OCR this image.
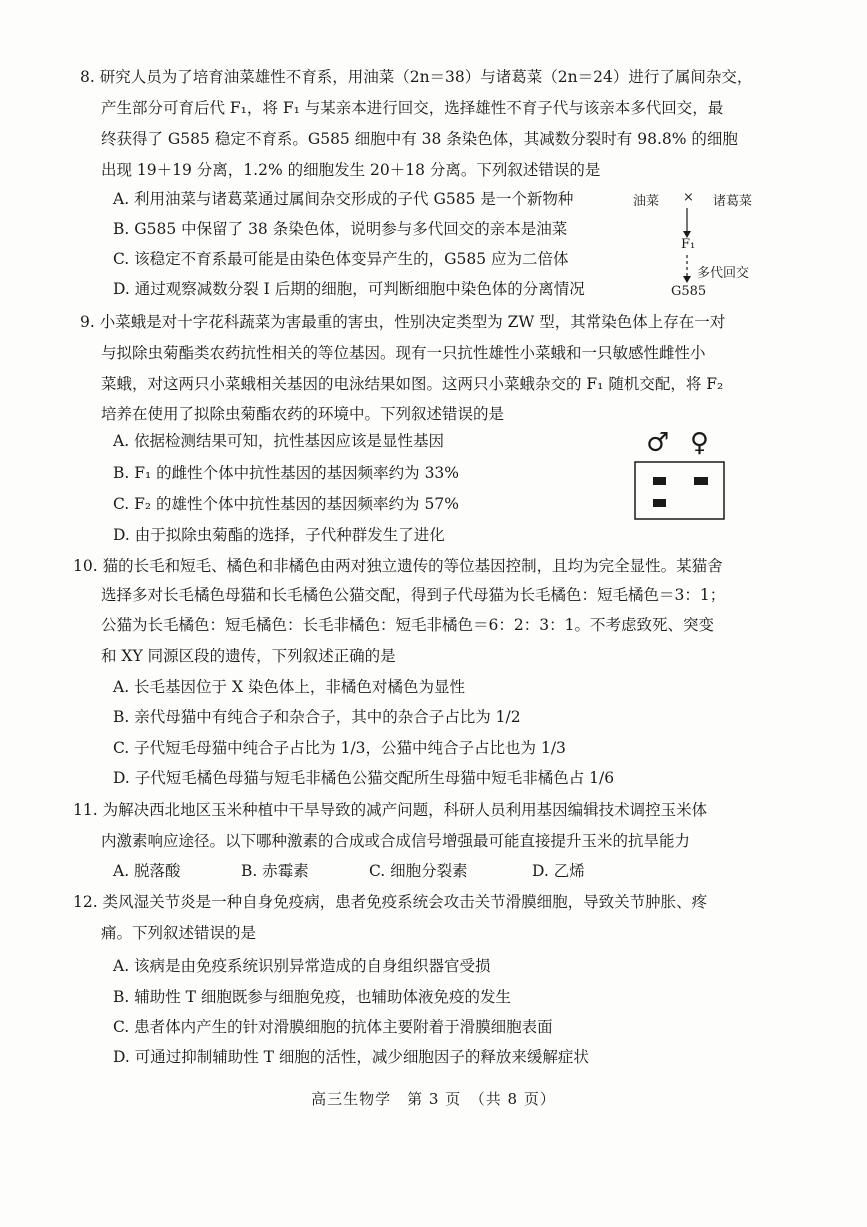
8. 研究人员为了培育油菜雄性不育系，用油菜（2n＝38）与诸葛菜（2n＝24）进行了属间杂交，
产生部分可育后代 F₁，将 F₁ 与某亲本进行回交，选择雄性不育子代与该亲本多代回交，最
终获得了 G585 稳定不育系。G585 细胞中有 38 条染色体，其减数分裂时有 98.8% 的细胞
出现 19＋19 分离，1.2% 的细胞发生 20＋18 分离。下列叙述错误的是
A. 利用油菜与诸葛菜通过属间杂交形成的子代 G585 是一个新物种
B. G585 中保留了 38 条染色体，说明参与多代回交的亲本是油菜
C. 该稳定不育系最可能是由染色体变异产生的，G585 应为二倍体
D. 通过观察减数分裂 Ⅰ 后期的细胞，可判断细胞中染色体的分离情况
油菜 × 诸葛菜
F₁
多代回交
G585
9. 小菜蛾是对十字花科蔬菜为害最重的害虫，性别决定类型为 ZW 型，其常染色体上存在一对
与拟除虫菊酯类农药抗性相关的等位基因。现有一只抗性雄性小菜蛾和一只敏感性雌性小
菜蛾，对这两只小菜蛾相关基因的电泳结果如图。这两只小菜蛾杂交的 F₁ 随机交配，将 F₂
培养在使用了拟除虫菊酯农药的环境中。下列叙述错误的是
A. 依据检测结果可知，抗性基因应该是显性基因
B. F₁ 的雌性个体中抗性基因的基因频率约为 33%
C. F₂ 的雄性个体中抗性基因的基因频率约为 57%
D. 由于拟除虫菊酯的选择，子代种群发生了进化
♂ ♀
10. 猫的长毛和短毛、橘色和非橘色由两对独立遗传的等位基因控制，且均为完全显性。某猫舍
选择多对长毛橘色母猫和长毛橘色公猫交配，得到子代母猫为长毛橘色：短毛橘色＝3：1；
公猫为长毛橘色：短毛橘色：长毛非橘色：短毛非橘色＝6：2：3：1。不考虑致死、突变
和 XY 同源区段的遗传，下列叙述正确的是
A. 长毛基因位于 X 染色体上，非橘色对橘色为显性
B. 亲代母猫中有纯合子和杂合子，其中的杂合子占比为 1/2
C. 子代短毛母猫中纯合子占比为 1/3，公猫中纯合子占比也为 1/3
D. 子代短毛橘色母猫与短毛非橘色公猫交配所生母猫中短毛非橘色占 1/6
11. 为解决西北地区玉米种植中干旱导致的减产问题，科研人员利用基因编辑技术调控玉米体
内激素响应途径。以下哪种激素的合成或合成信号增强最可能直接提升玉米的抗旱能力
A. 脱落酸	B. 赤霉素	C. 细胞分裂素	D. 乙烯
12. 类风湿关节炎是一种自身免疫病，患者免疫系统会攻击关节滑膜细胞，导致关节肿胀、疼
痛。下列叙述错误的是
A. 该病是由免疫系统识别异常造成的自身组织器官受损
B. 辅助性 T 细胞既参与细胞免疫，也辅助体液免疫的发生
C. 患者体内产生的针对滑膜细胞的抗体主要附着于滑膜细胞表面
D. 可通过抑制辅助性 T 细胞的活性，减少细胞因子的释放来缓解症状
高三生物学　第 3 页　（共 8 页）
